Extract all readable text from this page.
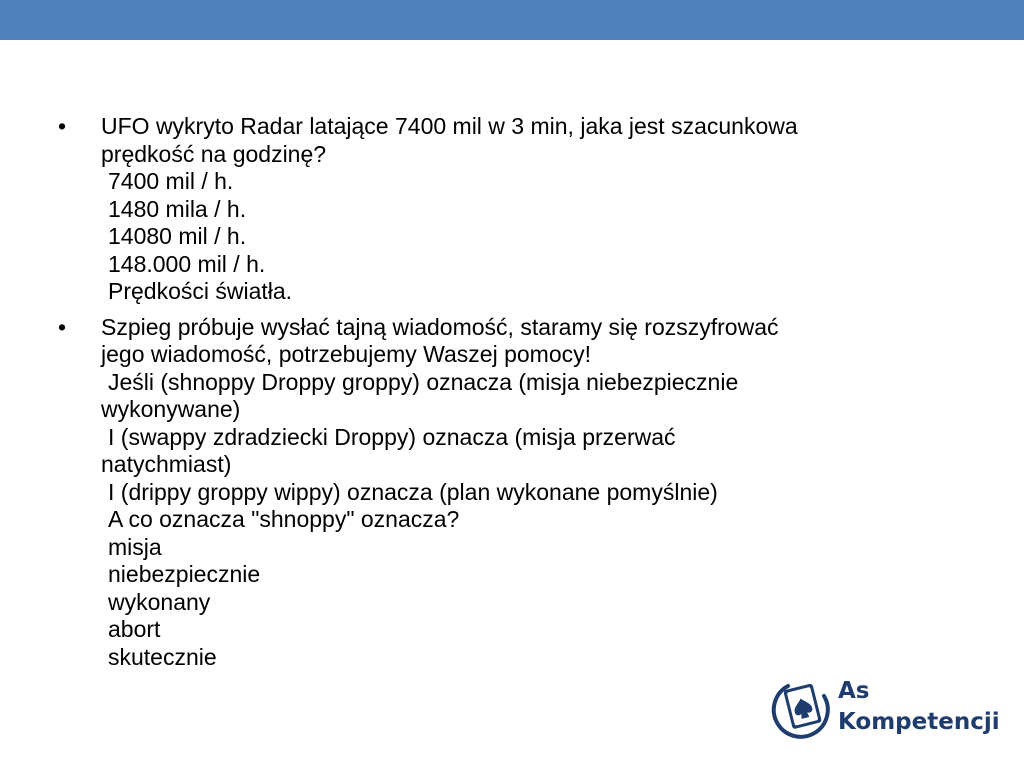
•	UFO wykryto Radar latające 7400 mil w 3 min, jaka jest szacunkowa
prędkość na godzinę?
7400 mil / h.
1480 mila / h.
14080 mil / h.
148.000 mil / h.
Prędkości światła.
•	Szpieg próbuje wysłać tajną wiadomość, staramy się rozszyfrować
jego wiadomość, potrzebujemy Waszej pomocy!
Jeśli (shnoppy Droppy groppy) oznacza (misja niebezpiecznie
wykonywane)
I (swappy zdradziecki Droppy) oznacza (misja przerwać
natychmiast)
I (drippy groppy wippy) oznacza (plan wykonane pomyślnie)
A co oznacza "shnoppy" oznacza?
misja
niebezpiecznie
wykonany
abort
skutecznie
As
Kompetencji
